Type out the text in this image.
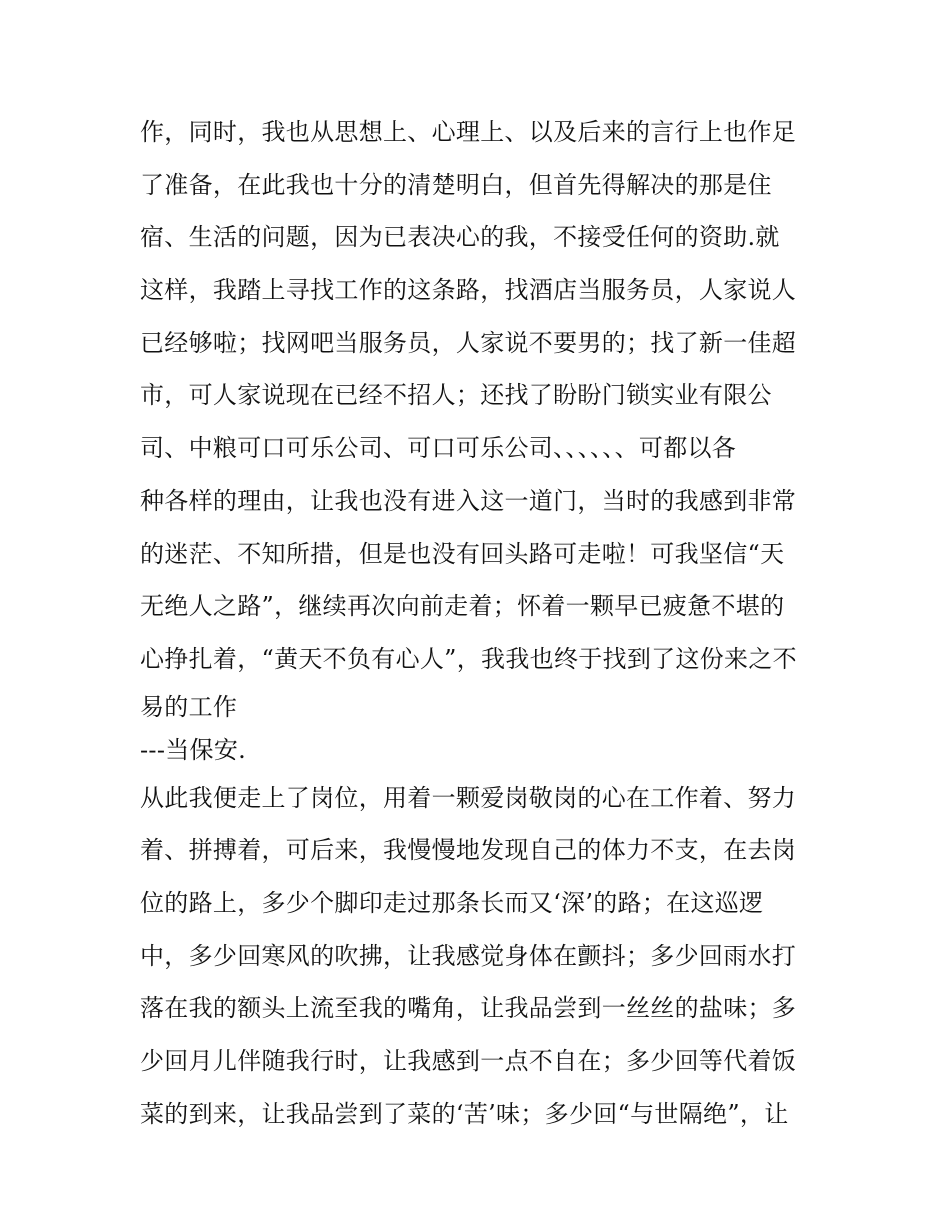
作，同时，我也从思想上、心理上、以及后来的言行上也作足
了准备，在此我也十分的清楚明白，但首先得解决的那是住
宿、生活的问题，因为已表决心的我，不接受任何的资助.就
这样，我踏上寻找工作的这条路，找酒店当服务员，人家说人
已经够啦；找网吧当服务员，人家说不要男的；找了新一佳超
市，可人家说现在已经不招人；还找了盼盼门锁实业有限公
司、中粮可口可乐公司、可口可乐公司、、、、、、可都以各
种各样的理由，让我也没有进入这一道门，当时的我感到非常
的迷茫、不知所措，但是也没有回头路可走啦！可我坚信“天
无绝人之路”，继续再次向前走着；怀着一颗早已疲惫不堪的
心挣扎着，“黄天不负有心人”，我我也终于找到了这份来之不
易的工作
---当保安.
从此我便走上了岗位，用着一颗爱岗敬岗的心在工作着、努力
着、拼搏着，可后来，我慢慢地发现自己的体力不支，在去岗
位的路上，多少个脚印走过那条长而又‘深’的路；在这巡逻
中，多少回寒风的吹拂，让我感觉身体在颤抖；多少回雨水打
落在我的额头上流至我的嘴角，让我品尝到一丝丝的盐味；多
少回月儿伴随我行时，让我感到一点不自在；多少回等代着饭
菜的到来，让我品尝到了菜的‘苦’味；多少回“与世隔绝”，让
